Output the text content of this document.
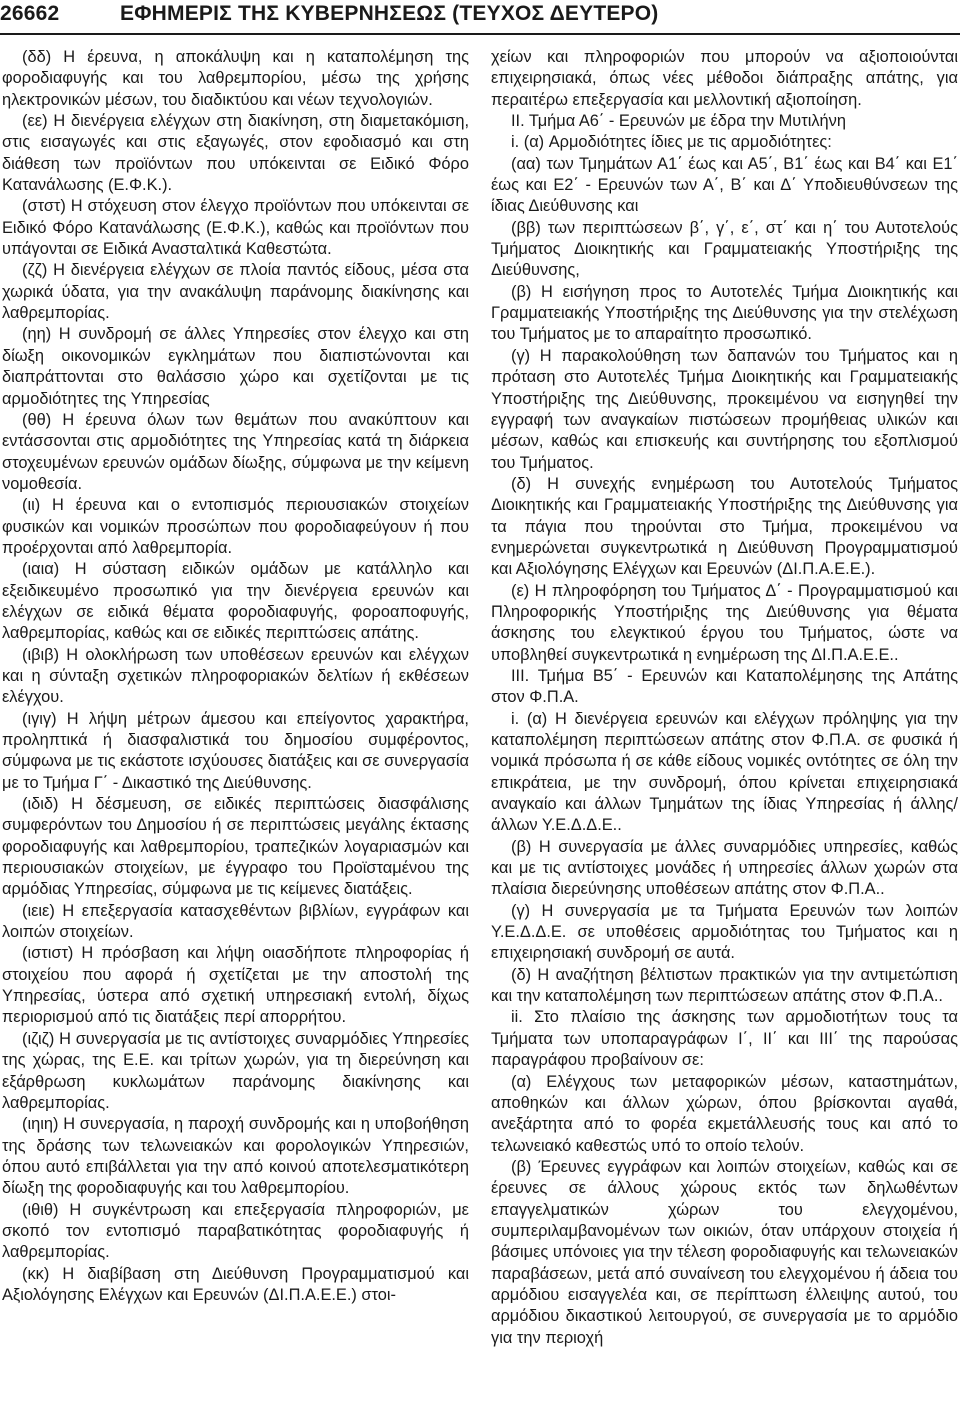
26662	ΕΦΗΜΕΡΙΣ ΤΗΣ ΚΥΒΕΡΝΗΣΕΩΣ (ΤΕΥΧΟΣ ΔΕΥΤΕΡΟ)

(δδ) Η έρευνα, η αποκάλυψη και η καταπολέμηση της φοροδιαφυγής και του λαθρεμπορίου, μέσω της χρήσης ηλεκτρονικών μέσων, του διαδικτύου και νέων τεχνολογιών.

(εε) Η διενέργεια ελέγχων στη διακίνηση, στη διαμετακόμιση, στις εισαγωγές και στις εξαγωγές, στον εφοδιασμό και στη διάθεση των προϊόντων που υπόκεινται σε Ειδικό Φόρο Κατανάλωσης (Ε.Φ.Κ.).

(στστ) Η στόχευση στον έλεγχο προϊόντων που υπόκεινται σε Ειδικό Φόρο Κατανάλωσης (Ε.Φ.Κ.), καθώς και προϊόντων που υπάγονται σε Ειδικά Ανασταλτικά Καθεστώτα.

(ζζ) Η διενέργεια ελέγχων σε πλοία παντός είδους, μέσα στα χωρικά ύδατα, για την ανακάλυψη παράνομης διακίνησης και λαθρεμπορίας.

(ηη) Η συνδρομή σε άλλες Υπηρεσίες στον έλεγχο και στη δίωξη οικονομικών εγκλημάτων που διαπιστώνονται και διαπράττονται στο θαλάσσιο χώρο και σχετίζονται με τις αρμοδιότητες της Υπηρεσίας

(θθ) Η έρευνα όλων των θεμάτων που ανακύπτουν και εντάσσονται στις αρμοδιότητες της Υπηρεσίας κατά τη διάρκεια στοχευμένων ερευνών ομάδων δίωξης, σύμφωνα με την κείμενη νομοθεσία.

(ιι) Η έρευνα και ο εντοπισμός περιουσιακών στοιχείων φυσικών και νομικών προσώπων που φοροδιαφεύγουν ή που προέρχονται από λαθρεμπορία.

(ιαια) Η σύσταση ειδικών ομάδων με κατάλληλο και εξειδικευμένο προσωπικό για την διενέργεια ερευνών και ελέγχων σε ειδικά θέματα φοροδιαφυγής, φοροαποφυγής, λαθρεμπορίας, καθώς και σε ειδικές περιπτώσεις απάτης.

(ιβιβ) Η ολοκλήρωση των υποθέσεων ερευνών και ελέγχων και η σύνταξη σχετικών πληροφοριακών δελτίων ή εκθέσεων ελέγχου.

(ιγιγ) Η λήψη μέτρων άμεσου και επείγοντος χαρακτήρα, προληπτικά ή διασφαλιστικά του δημοσίου συμφέροντος, σύμφωνα με τις εκάστοτε ισχύουσες διατάξεις και σε συνεργασία με το Τμήμα Γ΄ - Δικαστικό της Διεύθυνσης.

(ιδιδ) Η δέσμευση, σε ειδικές περιπτώσεις διασφάλισης συμφερόντων του Δημοσίου ή σε περιπτώσεις μεγάλης έκτασης φοροδιαφυγής και λαθρεμπορίου, τραπεζικών λογαριασμών και περιουσιακών στοιχείων, με έγγραφο του Προϊσταμένου της αρμόδιας Υπηρεσίας, σύμφωνα με τις κείμενες διατάξεις.

(ιειε) Η επεξεργασία κατασχεθέντων βιβλίων, εγγράφων και λοιπών στοιχείων.

(ιστιστ) Η πρόσβαση και λήψη οιασδήποτε πληροφορίας ή στοιχείου που αφορά ή σχετίζεται με την αποστολή της Υπηρεσίας, ύστερα από σχετική υπηρεσιακή εντολή, δίχως περιορισμού από τις διατάξεις περί απορρήτου.

(ιζιζ) Η συνεργασία με τις αντίστοιχες συναρμόδιες Υπηρεσίες της χώρας, της Ε.Ε. και τρίτων χωρών, για τη διερεύνηση και εξάρθρωση κυκλωμάτων παράνομης διακίνησης και λαθρεμπορίας.

(ιηιη) Η συνεργασία, η παροχή συνδρομής και η υποβοήθηση της δράσης των τελωνειακών και φορολογικών Υπηρεσιών, όπου αυτό επιβάλλεται για την από κοινού αποτελεσματικότερη δίωξη της φοροδιαφυγής και του λαθρεμπορίου.

(ιθιθ) Η συγκέντρωση και επεξεργασία πληροφοριών, με σκοπό τον εντοπισμό παραβατικότητας φοροδιαφυγής ή λαθρεμπορίας.

(κκ) Η διαβίβαση στη Διεύθυνση Προγραμματισμού και Αξιολόγησης Ελέγχων και Ερευνών (ΔΙ.Π.Α.Ε.Ε.) στοι-

χείων και πληροφοριών που μπορούν να αξιοποιούνται επιχειρησιακά, όπως νέες μέθοδοι διάπραξης απάτης, για περαιτέρω επεξεργασία και μελλοντική αξιοποίηση.

ΙΙ. Τμήμα Α6΄ - Ερευνών με έδρα την Μυτιλήνη

i. (α) Αρμοδιότητες ίδιες με τις αρμοδιότητες:

(αα) των Τμημάτων Α1΄ έως και Α5΄, Β1΄ έως και Β4΄ και Ε1΄ έως και Ε2΄ - Ερευνών των Α΄, Β΄ και Δ΄ Υποδιευθύνσεων της ίδιας Διεύθυνσης και

(ββ) των περιπτώσεων β΄, γ΄, ε΄, στ΄ και η΄ του Αυτοτελούς Τμήματος Διοικητικής και Γραμματειακής Υποστήριξης της Διεύθυνσης,

(β) Η εισήγηση προς το Αυτοτελές Τμήμα Διοικητικής και Γραμματειακής Υποστήριξης της Διεύθυνσης για την στελέχωση του Τμήματος με το απαραίτητο προσωπικό.

(γ) Η παρακολούθηση των δαπανών του Τμήματος και η πρόταση στο Αυτοτελές Τμήμα Διοικητικής και Γραμματειακής Υποστήριξης της Διεύθυνσης, προκειμένου να εισηγηθεί την εγγραφή των αναγκαίων πιστώσεων προμήθειας υλικών και μέσων, καθώς και επισκευής και συντήρησης του εξοπλισμού του Τμήματος.

(δ) Η συνεχής ενημέρωση του Αυτοτελούς Τμήματος Διοικητικής και Γραμματειακής Υποστήριξης της Διεύθυνσης για τα πάγια που τηρούνται στο Τμήμα, προκειμένου να ενημερώνεται συγκεντρωτικά η Διεύθυνση Προγραμματισμού και Αξιολόγησης Ελέγχων και Ερευνών (ΔΙ.Π.Α.Ε.Ε.).

(ε) Η πληροφόρηση του Τμήματος Δ΄ - Προγραμματισμού και Πληροφορικής Υποστήριξης της Διεύθυνσης για θέματα άσκησης του ελεγκτικού έργου του Τμήματος, ώστε να υποβληθεί συγκεντρωτικά η ενημέρωση της ΔΙ.Π.Α.Ε.Ε..

ΙΙΙ. Τμήμα Β5΄ - Ερευνών και Καταπολέμησης της Απάτης στον Φ.Π.Α.

i. (α) Η διενέργεια ερευνών και ελέγχων πρόληψης για την καταπολέμηση περιπτώσεων απάτης στον Φ.Π.Α. σε φυσικά ή νομικά πρόσωπα ή σε κάθε είδους νομικές οντότητες σε όλη την επικράτεια, με την συνδρομή, όπου κρίνεται επιχειρησιακά αναγκαίο και άλλων Τμημάτων της ίδιας Υπηρεσίας ή άλλης/άλλων Υ.Ε.Δ.Δ.Ε..

(β) Η συνεργασία με άλλες συναρμόδιες υπηρεσίες, καθώς και με τις αντίστοιχες μονάδες ή υπηρεσίες άλλων χωρών στα πλαίσια διερεύνησης υποθέσεων απάτης στον Φ.Π.Α..

(γ) Η συνεργασία με τα Τμήματα Ερευνών των λοιπών Υ.Ε.Δ.Δ.Ε. σε υποθέσεις αρμοδιότητας του Τμήματος και η επιχειρησιακή συνδρομή σε αυτά.

(δ) Η αναζήτηση βέλτιστων πρακτικών για την αντιμετώπιση και την καταπολέμηση των περιπτώσεων απάτης στον Φ.Π.Α..

ii. Στο πλαίσιο της άσκησης των αρμοδιοτήτων τους τα Τμήματα των υποπαραγράφων Ι΄, ΙΙ΄ και ΙΙΙ΄ της παρούσας παραγράφου προβαίνουν σε:

(α) Ελέγχους των μεταφορικών μέσων, καταστημάτων, αποθηκών και άλλων χώρων, όπου βρίσκονται αγαθά, ανεξάρτητα από το φορέα εκμετάλλευσής τους και από το τελωνειακό καθεστώς υπό το οποίο τελούν.

(β) Έρευνες εγγράφων και λοιπών στοιχείων, καθώς και σε έρευνες σε άλλους χώρους εκτός των δηλωθέντων επαγγελματικών χώρων του ελεγχομένου, συμπεριλαμβανομένων των οικιών, όταν υπάρχουν στοιχεία ή βάσιμες υπόνοιες για την τέλεση φοροδιαφυγής και τελωνειακών παραβάσεων, μετά από συναίνεση του ελεγχομένου ή άδεια του αρμόδιου εισαγγελέα και, σε περίπτωση έλλειψης αυτού, του αρμόδιου δικαστικού λειτουργού, σε συνεργασία με το αρμόδιο για την περιοχή
